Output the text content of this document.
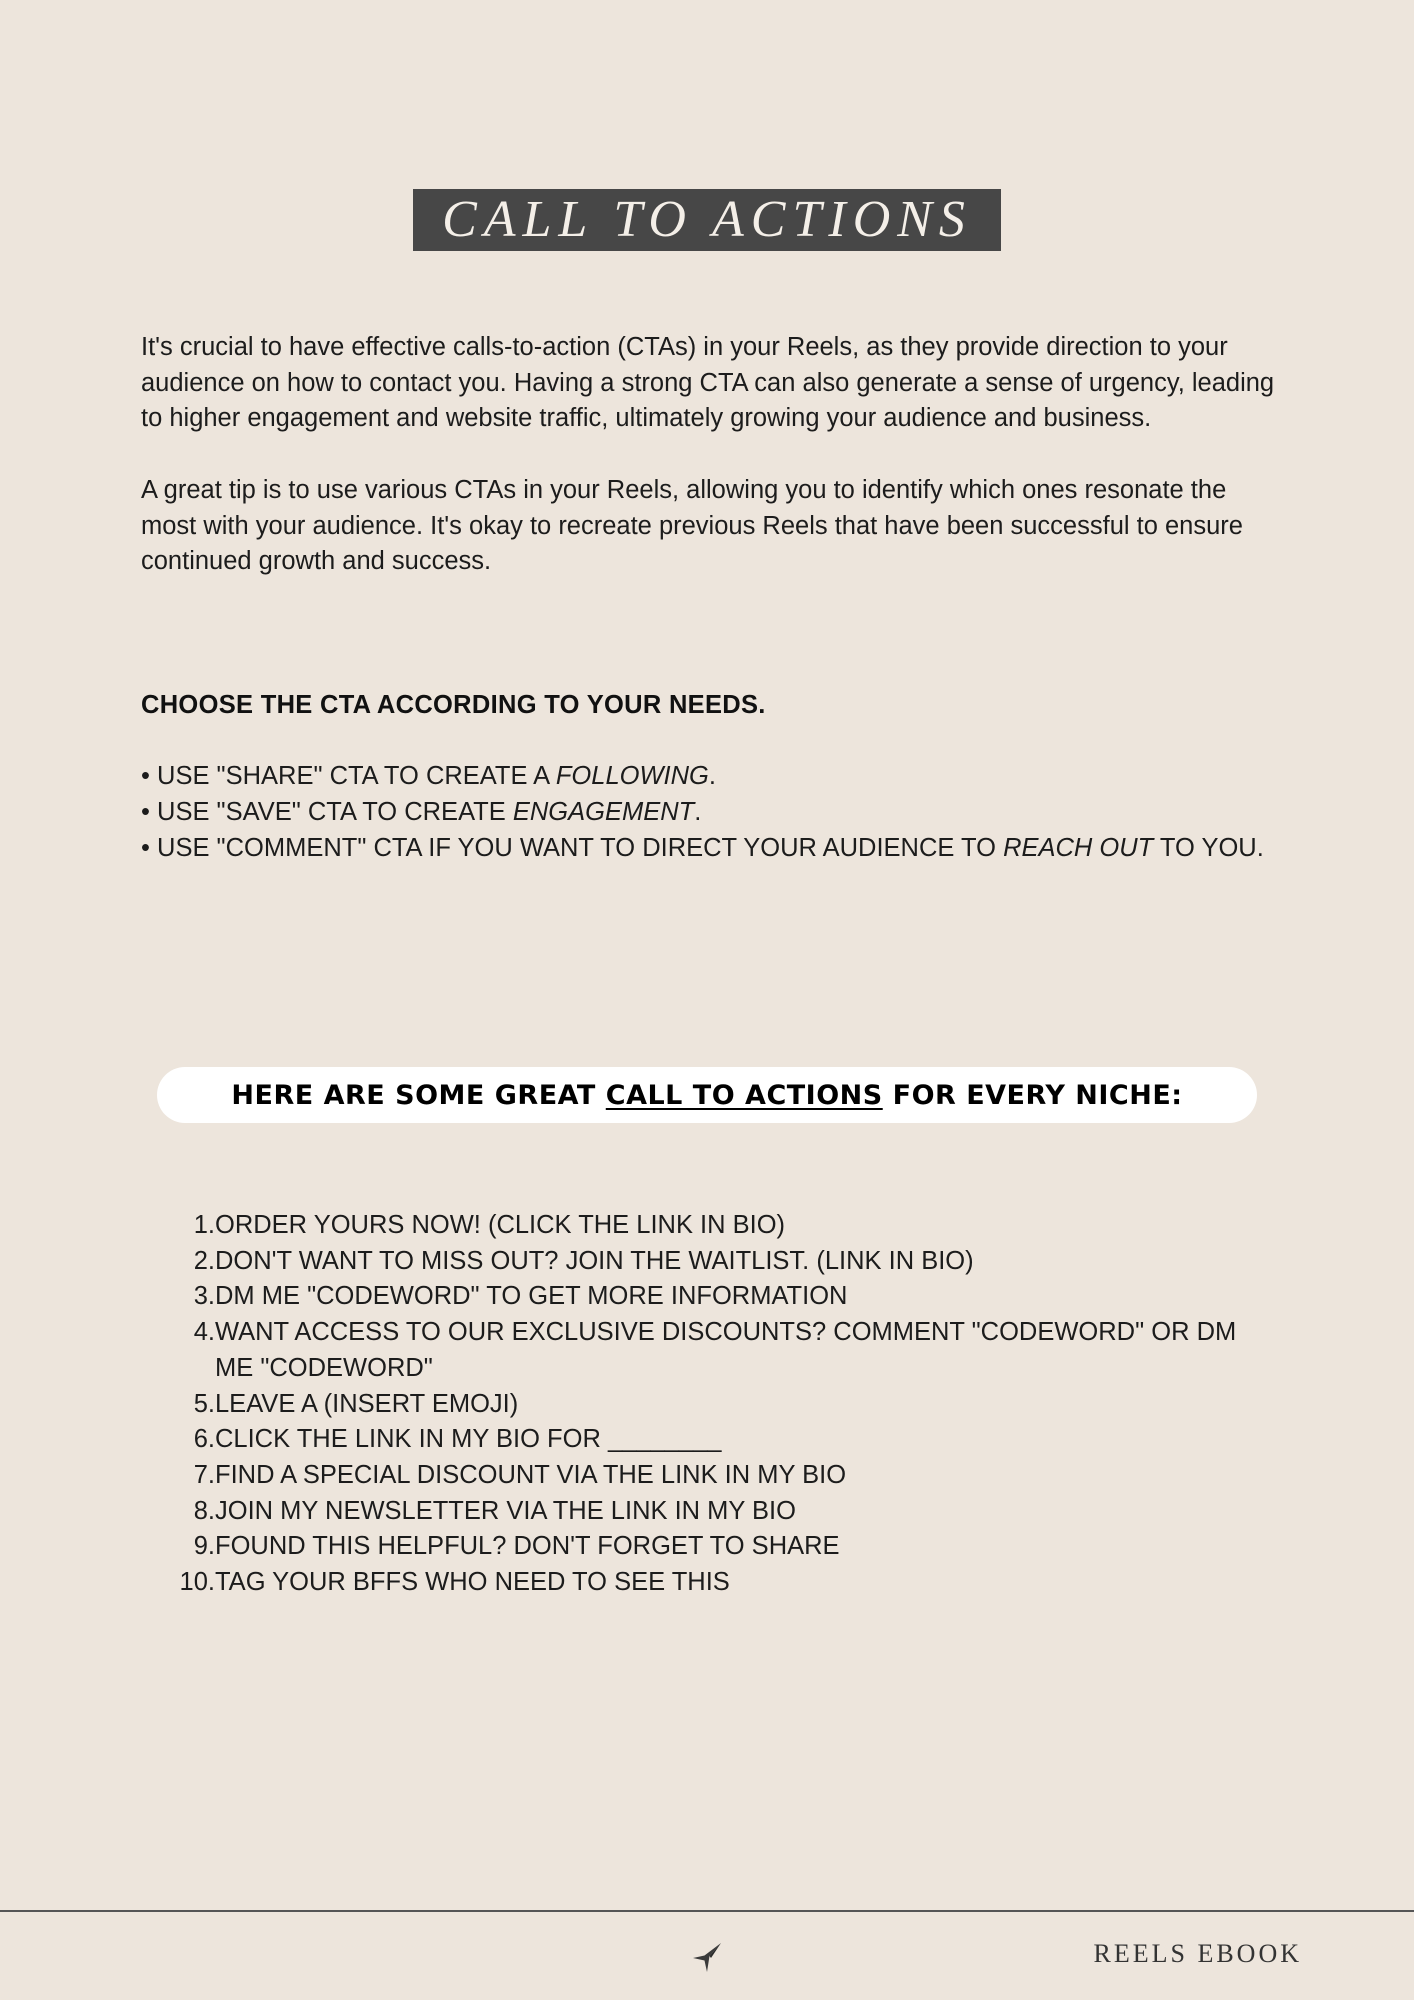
CALL TO ACTIONS

It's crucial to have effective calls-to-action (CTAs) in your Reels, as they provide direction to your audience on how to contact you. Having a strong CTA can also generate a sense of urgency, leading to higher engagement and website traffic, ultimately growing your audience and business.

A great tip is to use various CTAs in your Reels, allowing you to identify which ones resonate the most with your audience. It's okay to recreate previous Reels that have been successful to ensure continued growth and success.

CHOOSE THE CTA ACCORDING TO YOUR NEEDS.
• USE "SHARE" CTA TO CREATE A FOLLOWING.
• USE "SAVE" CTA TO CREATE ENGAGEMENT.
• USE "COMMENT" CTA IF YOU WANT TO DIRECT YOUR AUDIENCE TO REACH OUT TO YOU.
HERE ARE SOME GREAT CALL TO ACTIONS FOR EVERY NICHE:
1. ORDER YOURS NOW! (CLICK THE LINK IN BIO)
2. DON'T WANT TO MISS OUT? JOIN THE WAITLIST. (LINK IN BIO)
3. DM ME "CODEWORD" TO GET MORE INFORMATION
4. WANT ACCESS TO OUR EXCLUSIVE DISCOUNTS? COMMENT "CODEWORD" OR DM ME "CODEWORD"
5. LEAVE A (INSERT EMOJI)
6. CLICK THE LINK IN MY BIO FOR ________
7. FIND A SPECIAL DISCOUNT VIA THE LINK IN MY BIO
8. JOIN MY NEWSLETTER VIA THE LINK IN MY BIO
9. FOUND THIS HELPFUL? DON'T FORGET TO SHARE
10. TAG YOUR BFFS WHO NEED TO SEE THIS
REELS EBOOK
